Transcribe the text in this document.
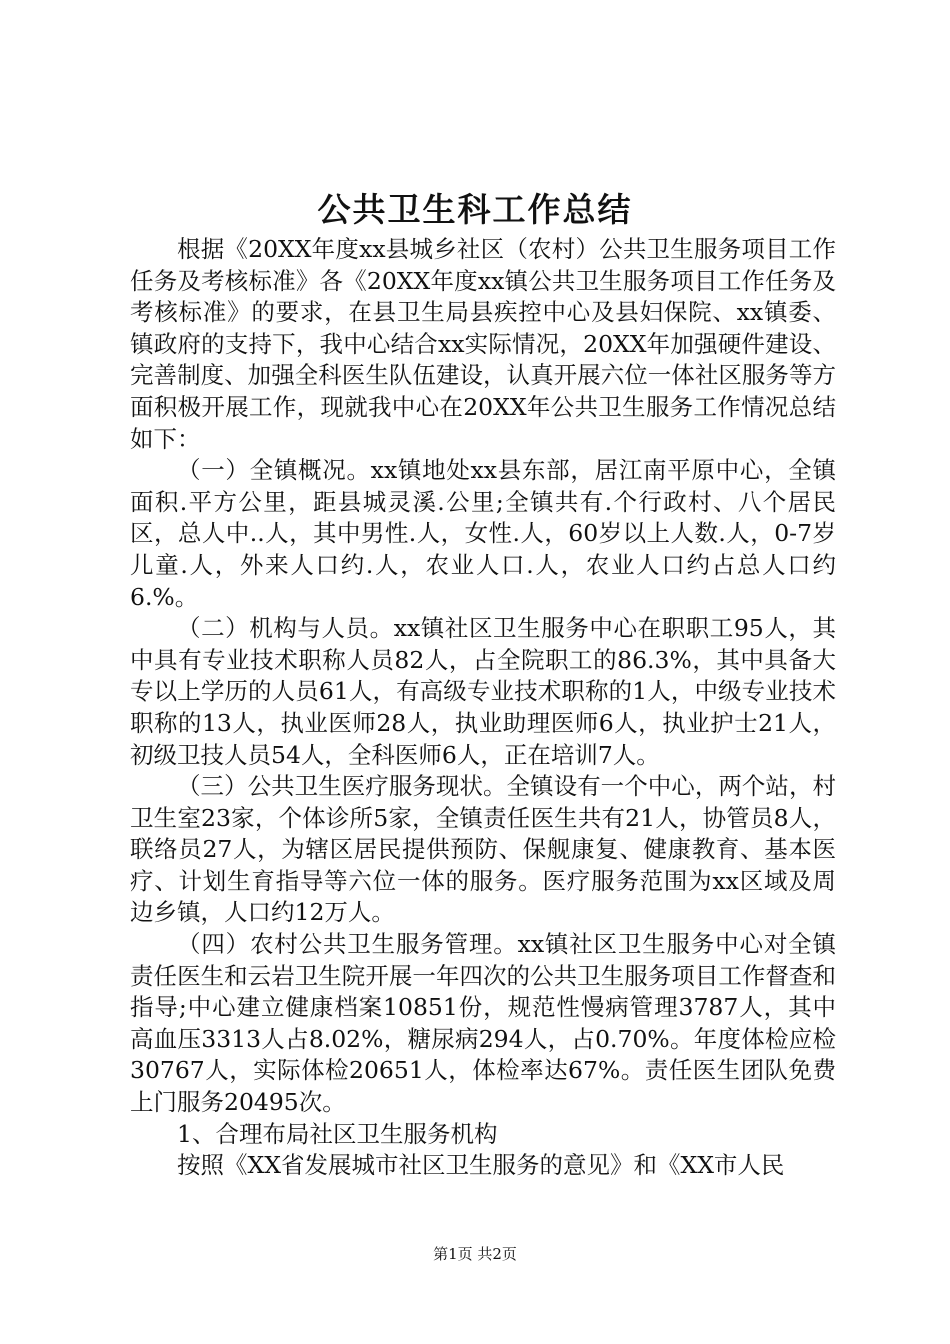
公共卫生科工作总结

根据《20XX年度xx县城乡社区（农村）公共卫生服务项目工作任务及考核标准》各《20XX年度xx镇公共卫生服务项目工作任务及考核标准》的要求，在县卫生局县疾控中心及县妇保院、xx镇委、镇政府的支持下，我中心结合xx实际情况，20XX年加强硬件建设、完善制度、加强全科医生队伍建设，认真开展六位一体社区服务等方面积极开展工作，现就我中心在20XX年公共卫生服务工作情况总结如下：

（一）全镇概况。xx镇地处xx县东部，居江南平原中心，全镇面积.平方公里，距县城灵溪.公里;全镇共有.个行政村、八个居民区，总人中..人，其中男性.人，女性.人，60岁以上人数.人，0-7岁儿童.人，外来人口约.人，农业人口.人，农业人口约占总人口约6.%。

（二）机构与人员。xx镇社区卫生服务中心在职职工95人，其中具有专业技术职称人员82人，占全院职工的86.3%，其中具备大专以上学历的人员61人，有高级专业技术职称的1人，中级专业技术职称的13人，执业医师28人，执业助理医师6人，执业护士21人，初级卫技人员54人，全科医师6人，正在培训7人。

（三）公共卫生医疗服务现状。全镇设有一个中心，两个站，村卫生室23家，个体诊所5家，全镇责任医生共有21人，协管员8人，联络员27人，为辖区居民提供预防、保舰康复、健康教育、基本医疗、计划生育指导等六位一体的服务。医疗服务范围为xx区域及周边乡镇，人口约12万人。

（四）农村公共卫生服务管理。xx镇社区卫生服务中心对全镇责任医生和云岩卫生院开展一年四次的公共卫生服务项目工作督查和指导;中心建立健康档案10851份，规范性慢病管理3787人，其中高血压3313人占8.02%，糖尿病294人，占0.70%。年度体检应检30767人，实际体检20651人，体检率达67%。责任医生团队免费上门服务20495次。

1、合理布局社区卫生服务机构

按照《XX省发展城市社区卫生服务的意见》和《XX市人民

第1页 共2页
